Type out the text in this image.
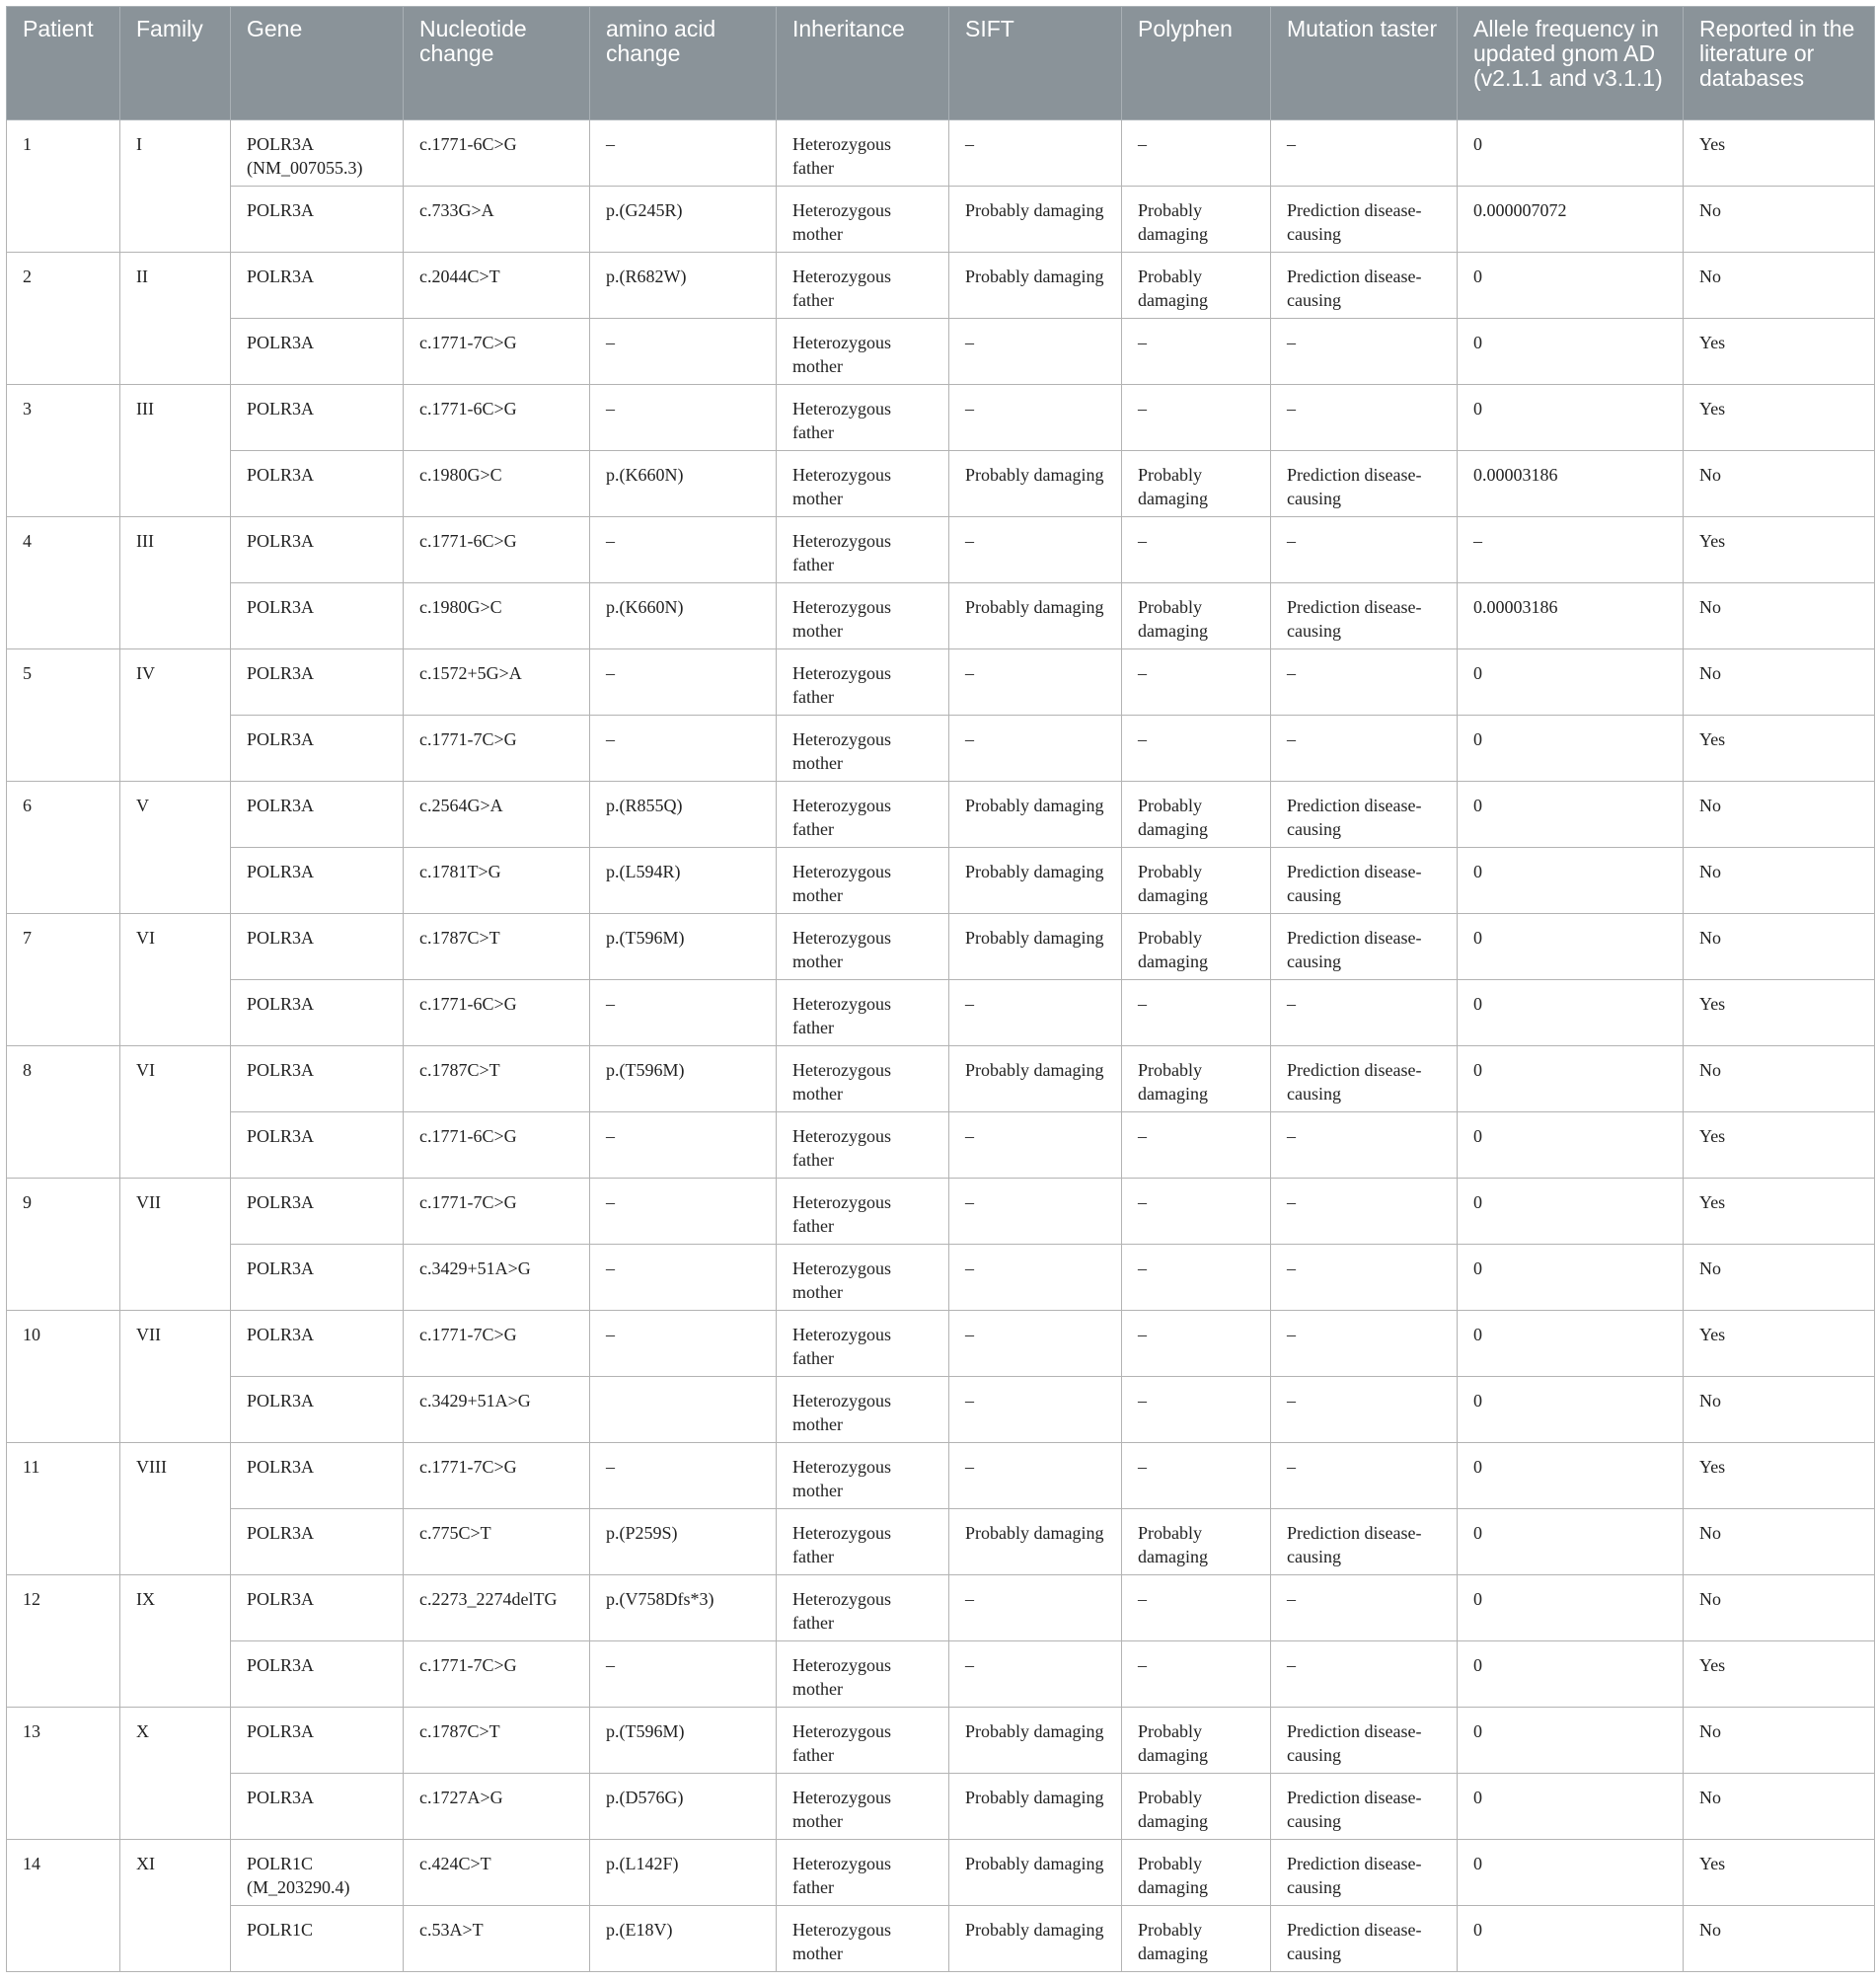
Patient	Family	Gene	Nucleotide change	amino acid change	Inheritance	SIFT	Polyphen	Mutation taster	Allele frequency in updated gnom AD (v2.1.1 and v3.1.1)	Reported in the literature or databases
1	I	POLR3A (NM_007055.3)	c.1771-6C>G	–	Heterozygous father	–	–	–	0	Yes
		POLR3A	c.733G>A	p.(G245R)	Heterozygous mother	Probably damaging	Probably damaging	Prediction disease-causing	0.000007072	No
2	II	POLR3A	c.2044C>T	p.(R682W)	Heterozygous father	Probably damaging	Probably damaging	Prediction disease-causing	0	No
		POLR3A	c.1771-7C>G	–	Heterozygous mother	–	–	–	0	Yes
3	III	POLR3A	c.1771-6C>G	–	Heterozygous father	–	–	–	0	Yes
		POLR3A	c.1980G>C	p.(K660N)	Heterozygous mother	Probably damaging	Probably damaging	Prediction disease-causing	0.00003186	No
4	III	POLR3A	c.1771-6C>G	–	Heterozygous father	–	–	–	–	Yes
		POLR3A	c.1980G>C	p.(K660N)	Heterozygous mother	Probably damaging	Probably damaging	Prediction disease-causing	0.00003186	No
5	IV	POLR3A	c.1572+5G>A	–	Heterozygous father	–	–	–	0	No
		POLR3A	c.1771-7C>G	–	Heterozygous mother	–	–	–	0	Yes
6	V	POLR3A	c.2564G>A	p.(R855Q)	Heterozygous father	Probably damaging	Probably damaging	Prediction disease-causing	0	No
		POLR3A	c.1781T>G	p.(L594R)	Heterozygous mother	Probably damaging	Probably damaging	Prediction disease-causing	0	No
7	VI	POLR3A	c.1787C>T	p.(T596M)	Heterozygous mother	Probably damaging	Probably damaging	Prediction disease-causing	0	No
		POLR3A	c.1771-6C>G	–	Heterozygous father	–	–	–	0	Yes
8	VI	POLR3A	c.1787C>T	p.(T596M)	Heterozygous mother	Probably damaging	Probably damaging	Prediction disease-causing	0	No
		POLR3A	c.1771-6C>G	–	Heterozygous father	–	–	–	0	Yes
9	VII	POLR3A	c.1771-7C>G	–	Heterozygous father	–	–	–	0	Yes
		POLR3A	c.3429+51A>G	–	Heterozygous mother	–	–	–	0	No
10	VII	POLR3A	c.1771-7C>G	–	Heterozygous father	–	–	–	0	Yes
		POLR3A	c.3429+51A>G		Heterozygous mother	–	–	–	0	No
11	VIII	POLR3A	c.1771-7C>G	–	Heterozygous mother	–	–	–	0	Yes
		POLR3A	c.775C>T	p.(P259S)	Heterozygous father	Probably damaging	Probably damaging	Prediction disease-causing	0	No
12	IX	POLR3A	c.2273_2274delTG	p.(V758Dfs*3)	Heterozygous father	–	–	–	0	No
		POLR3A	c.1771-7C>G	–	Heterozygous mother	–	–	–	0	Yes
13	X	POLR3A	c.1787C>T	p.(T596M)	Heterozygous father	Probably damaging	Probably damaging	Prediction disease-causing	0	No
		POLR3A	c.1727A>G	p.(D576G)	Heterozygous mother	Probably damaging	Probably damaging	Prediction disease-causing	0	No
14	XI	POLR1C (M_203290.4)	c.424C>T	p.(L142F)	Heterozygous father	Probably damaging	Probably damaging	Prediction disease-causing	0	Yes
		POLR1C	c.53A>T	p.(E18V)	Heterozygous mother	Probably damaging	Probably damaging	Prediction disease-causing	0	No
